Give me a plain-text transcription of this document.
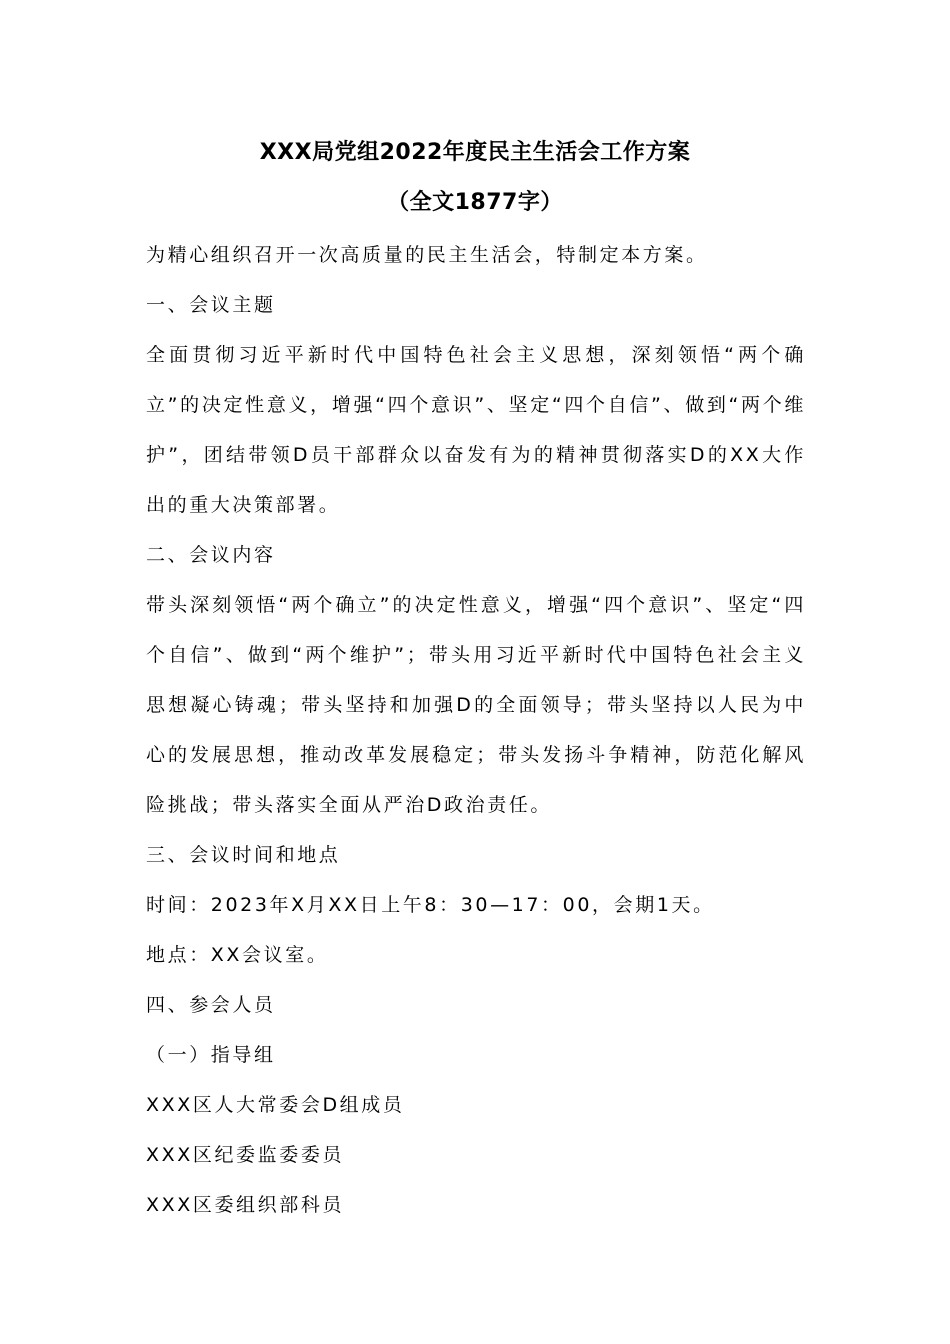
XXX局党组2022年度民主生活会工作方案
（全文1877字）

为精心组织召开一次高质量的民主生活会，特制定本方案。

一、会议主题

全面贯彻习近平新时代中国特色社会主义思想，深刻领悟“两个确立”的决定性意义，增强“四个意识”、坚定“四个自信”、做到“两个维护”，团结带领D员干部群众以奋发有为的精神贯彻落实D的XX大作出的重大决策部署。

二、会议内容

带头深刻领悟“两个确立”的决定性意义，增强“四个意识”、坚定“四个自信”、做到“两个维护”；带头用习近平新时代中国特色社会主义思想凝心铸魂；带头坚持和加强D的全面领导；带头坚持以人民为中心的发展思想，推动改革发展稳定；带头发扬斗争精神，防范化解风险挑战；带头落实全面从严治D政治责任。

三、会议时间和地点

时间：2023年X月XX日上午8：30—17：00，会期1天。

地点：XX会议室。

四、参会人员

（一）指导组

XXX区人大常委会D组成员

XXX区纪委监委委员

XXX区委组织部科员
